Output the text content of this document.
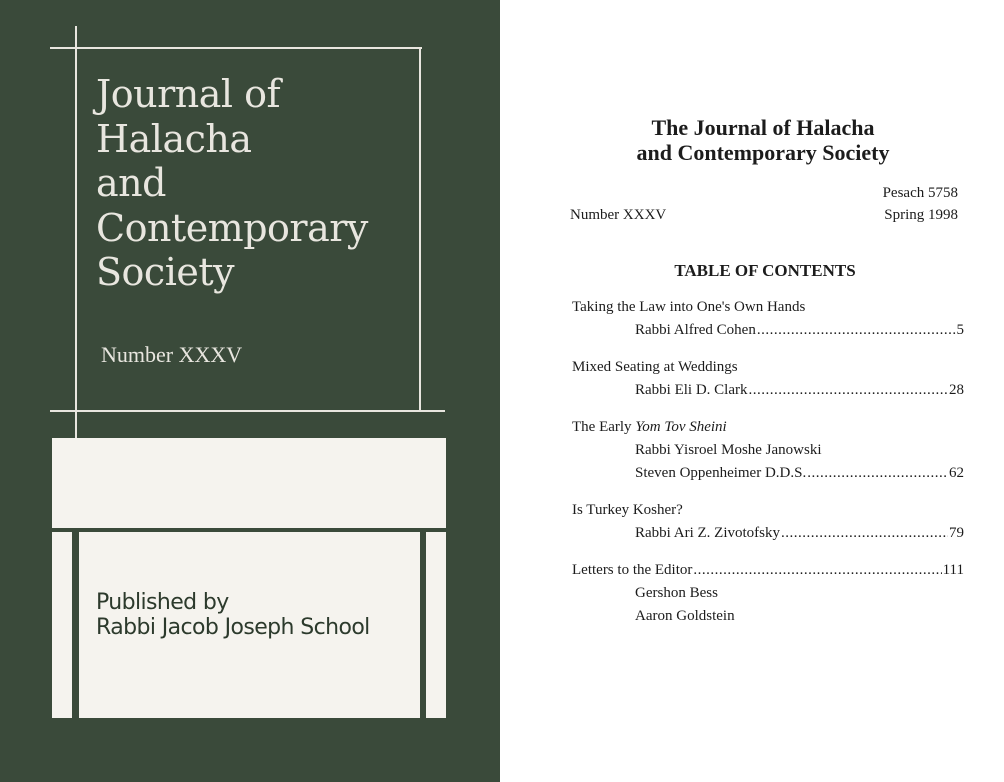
Journal of
Halacha
and
Contemporary
Society

Number XXXV

Published by
Rabbi Jacob Joseph School

The Journal of Halacha
and Contemporary Society
Pesach 5758
Spring 1998
Number XXXV
TABLE OF CONTENTS
Taking the Law into One's Own Hands
Rabbi Alfred Cohen .....	5
Mixed Seating at Weddings
Rabbi Eli D. Clark .....	28
The Early Yom Tov Sheini
Rabbi Yisroel Moshe Janowski
Steven Oppenheimer D.D.S. .....	62
Is Turkey Kosher?
Rabbi Ari Z. Zivotofsky .....	79
Letters to the Editor .....	111
Gershon Bess
Aaron Goldstein
